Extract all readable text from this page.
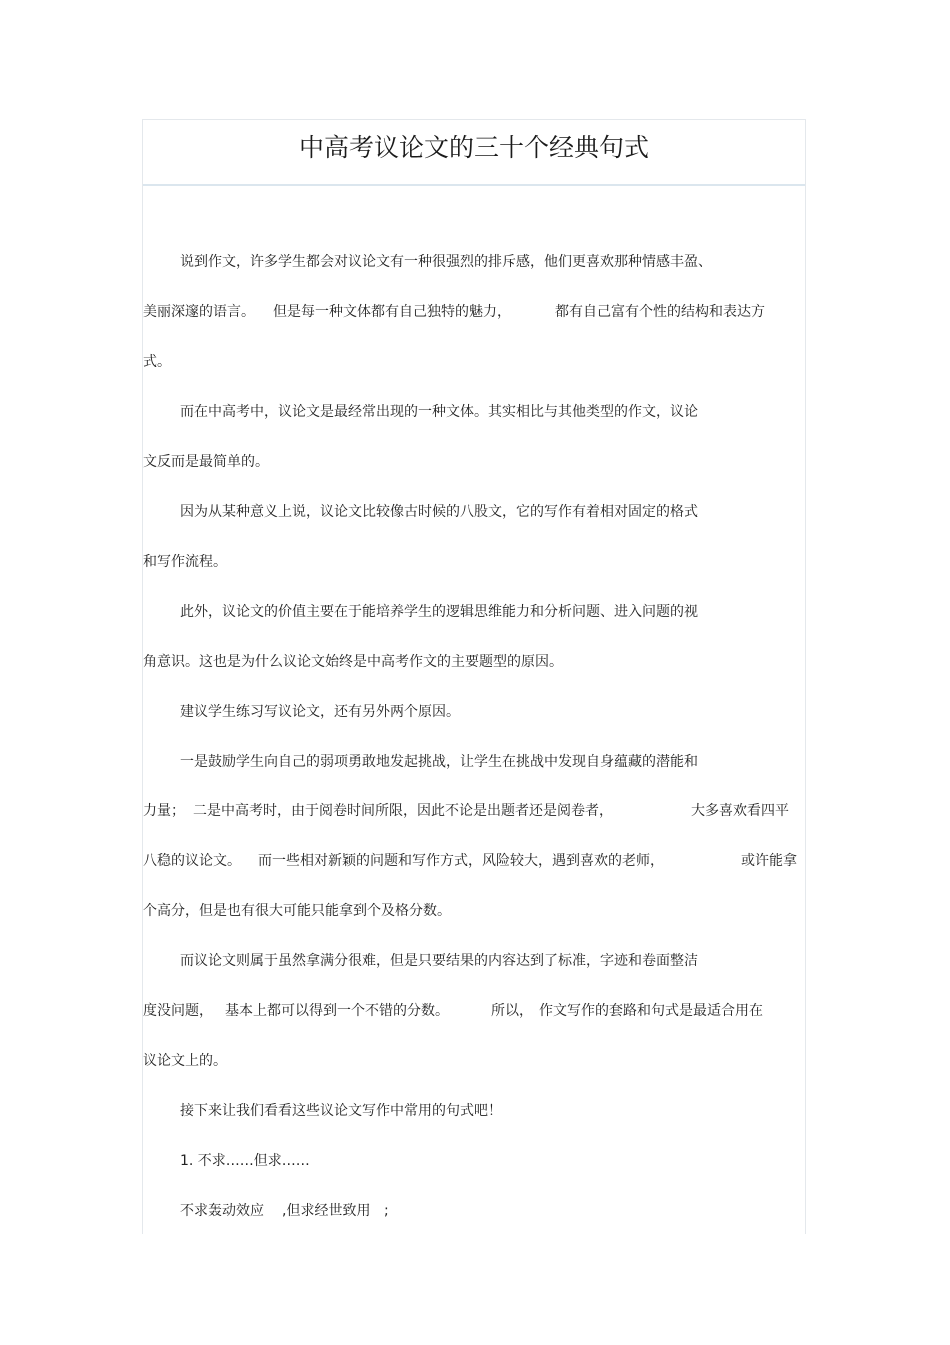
中高考议论文的三十个经典句式
说到作文，许多学生都会对议论文有一种很强烈的排斥感，他们更喜欢那种情感丰盈、
美丽深邃的语言。 但是每一种文体都有自己独特的魅力，	都有自己富有个性的结构和表达方
式。
而在中高考中，议论文是最经常出现的一种文体。其实相比与其他类型的作文，议论
文反而是最简单的。
因为从某种意义上说，议论文比较像古时候的八股文，它的写作有着相对固定的格式
和写作流程。
此外，议论文的价值主要在于能培养学生的逻辑思维能力和分析问题、进入问题的视
角意识。这也是为什么议论文始终是中高考作文的主要题型的原因。
建议学生练习写议论文，还有另外两个原因。
一是鼓励学生向自己的弱项勇敢地发起挑战，让学生在挑战中发现自身蕴藏的潜能和
力量； 二是中高考时，由于阅卷时间所限，因此不论是出题者还是阅卷者，	大多喜欢看四平
八稳的议论文。 而一些相对新颖的问题和写作方式，风险较大，遇到喜欢的老师，	或许能拿
个高分，但是也有很大可能只能拿到个及格分数。
而议论文则属于虽然拿满分很难，但是只要结果的内容达到了标准，字迹和卷面整洁
度没问题， 基本上都可以得到一个不错的分数。	所以， 作文写作的套路和句式是最适合用在
议论文上的。
接下来让我们看看这些议论文写作中常用的句式吧！
1. 不求……但求……
不求轰动效应 ,但求经世致用 ;
